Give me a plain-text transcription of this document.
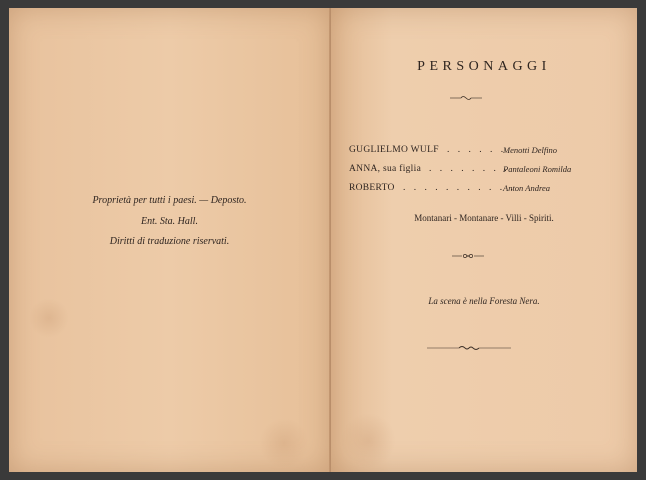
Proprietà per tutti i paesi. — Deposto.
Ent. Sta. Hall.
Diritti di traduzione riservati.
PERSONAGGI
GUGLIELMO WULF . . . . . .
Menotti Delfino
ANNA, sua figlia . . . . . . . .
Pantaleoni Romilda
ROBERTO . . . . . . . . . . .
Anton Andrea
Montanari - Montanare - Villi - Spiriti.
La scena è nella Foresta Nera.
